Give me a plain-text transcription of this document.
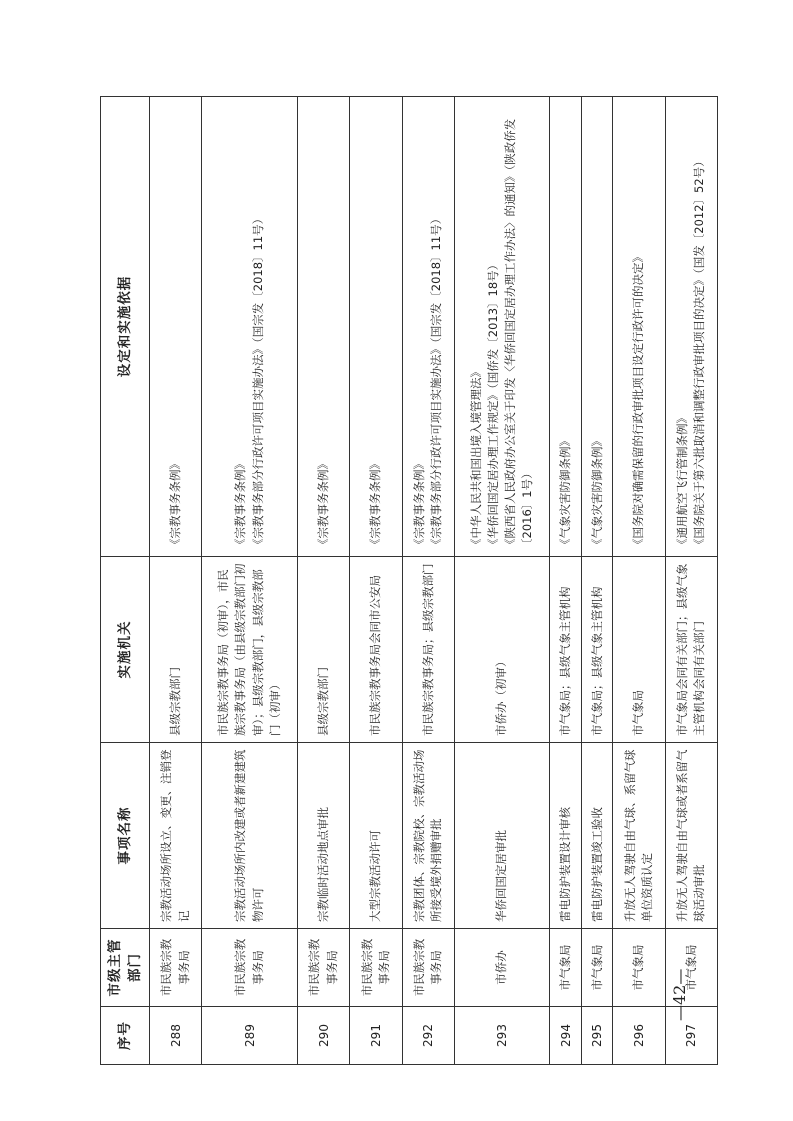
序号	市级主管部门	事项名称	实施机关	设定和实施依据
288	市民族宗教事务局	宗教活动场所设立、变更、注销登记	县级宗教部门	《宗教事务条例》

289	市民族宗教事务局	宗教活动场所内改建或者新建建筑物许可	市民族宗教事务局（初审），市民族宗教事务局（由县级宗教部门初审）；县级宗教部门，县级宗教部门（初审）	《宗教事务条例》 《宗教事务部分行政许可项目实施办法》（国宗发〔2018〕11号）

290	市民族宗教事务局	宗教临时活动地点审批	县级宗教部门	《宗教事务条例》

291	市民族宗教事务局	大型宗教活动许可	市民族宗教事务局会同市公安局	《宗教事务条例》

292	市民族宗教事务局	宗教团体、宗教院校、宗教活动场所接受境外捐赠审批	市民族宗教事务局；县级宗教部门	《宗教事务条例》 《宗教事务部分行政许可项目实施办法》（国宗发〔2018〕11号）

293	市侨办	华侨回国定居审批	市侨办（初审）	《中华人民共和国出境入境管理法》 《华侨回国定居办理工作规定》（国侨发〔2013〕18号） 《陕西省人民政府办公室关于印发〈华侨回国定居办理工作办法〉的通知》（陕政侨发〔2016〕1号）

294	市气象局	雷电防护装置设计审核	市气象局；县级气象主管机构	《气象灾害防御条例》

295	市气象局	雷电防护装置竣工验收	市气象局；县级气象主管机构	《气象灾害防御条例》

296	市气象局	升放无人驾驶自由气球、系留气球单位资质认定	市气象局	《国务院对确需保留的行政审批项目设定行政许可的决定》

297	市气象局	升放无人驾驶自由气球或者系留气球活动审批	市气象局会同有关部门；县级气象主管机构会同有关部门	《通用航空飞行管制条例》 《国务院关于第六批取消和调整行政审批项目的决定》（国发〔2012〕52号）
—42—
